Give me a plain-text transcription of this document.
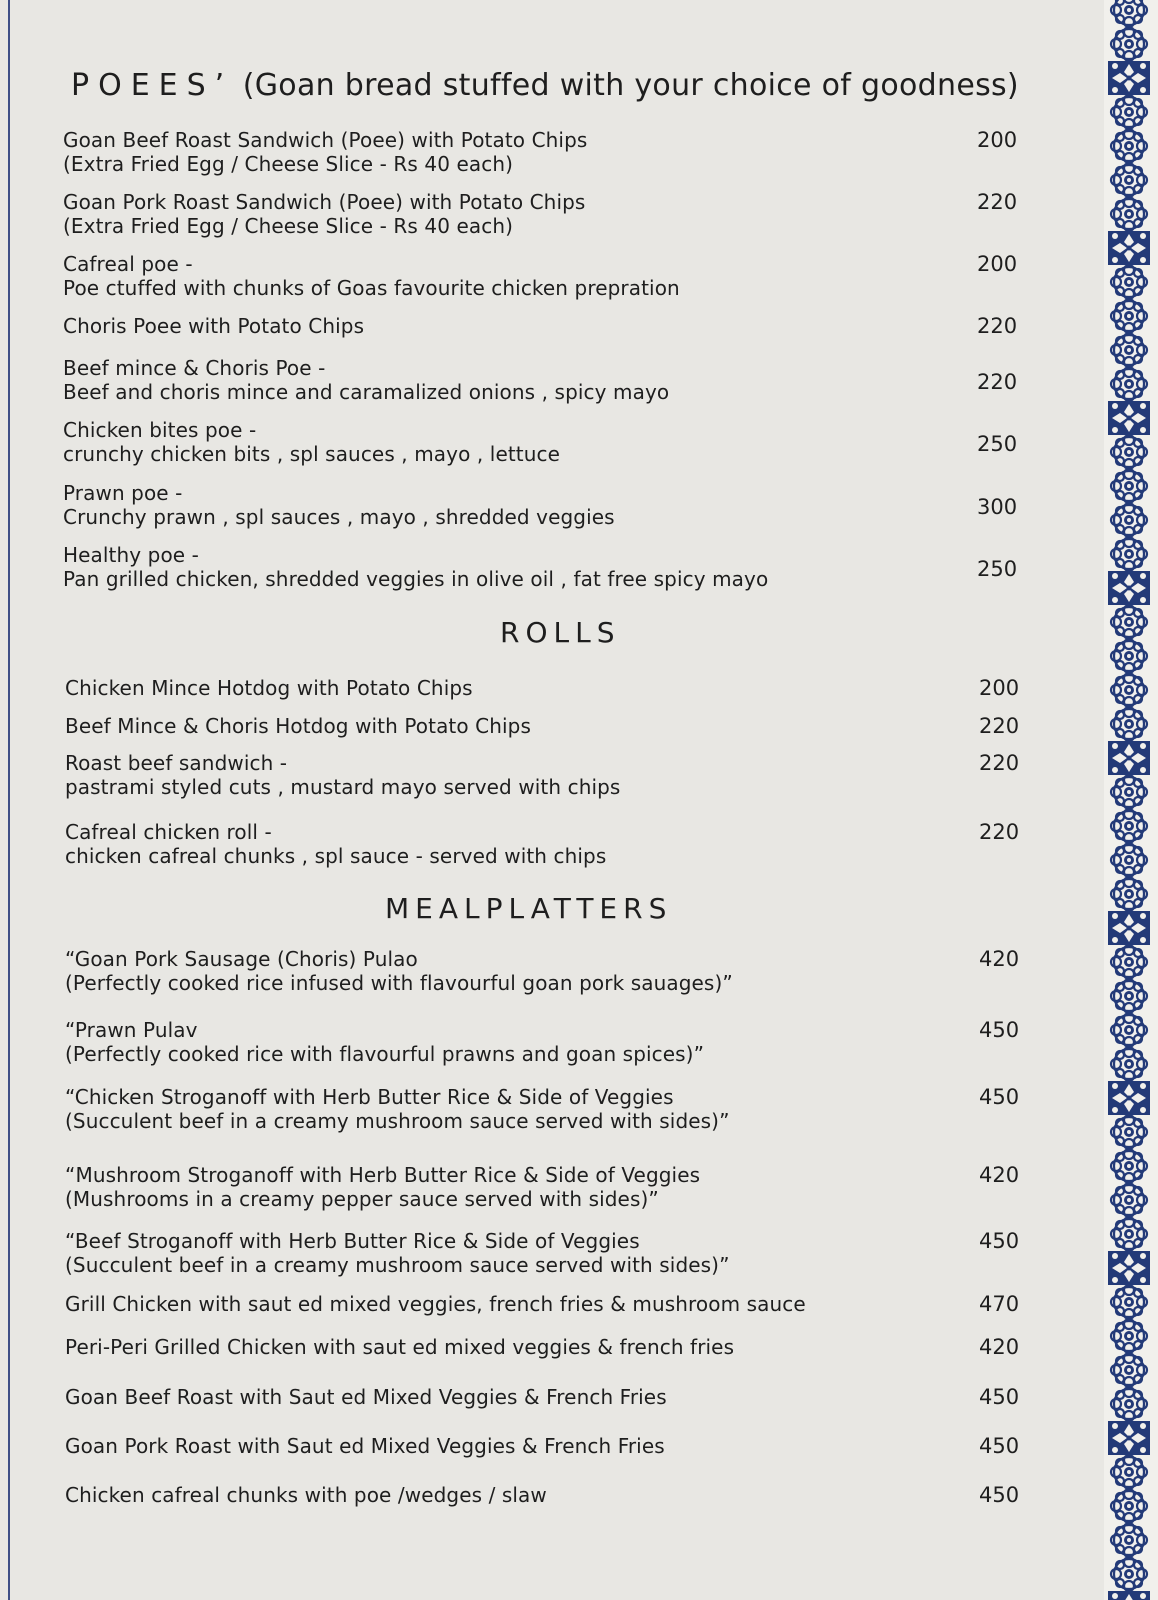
POEES’ (Goan bread stuffed with your choice of goodness)
Goan Beef Roast Sandwich (Poee) with Potato Chips
(Extra Fried Egg / Cheese Slice - Rs 40 each)
200
Goan Pork Roast Sandwich (Poee) with Potato Chips
(Extra Fried Egg / Cheese Slice - Rs 40 each)
220
Cafreal poe -
Poe ctuffed with chunks of Goas favourite chicken prepration
200
Choris Poee with Potato Chips	220
Beef mince & Choris Poe -
Beef and choris mince and caramalized onions , spicy mayo	220
Chicken bites poe -
crunchy chicken bits , spl sauces , mayo , lettuce	250
Prawn poe -
Crunchy prawn , spl sauces , mayo , shredded veggies	300
Healthy poe -
Pan grilled chicken, shredded veggies in olive oil , fat free spicy mayo	250
ROLLS
Chicken Mince Hotdog with Potato Chips	200
Beef Mince & Choris Hotdog with Potato Chips	220
Roast beef sandwich -
pastrami styled cuts , mustard mayo served with chips
220
Cafreal chicken roll -
chicken cafreal chunks , spl sauce - served with chips
220
MEALPLATTERS
“Goan Pork Sausage (Choris) Pulao
(Perfectly cooked rice infused with flavourful goan pork sauages)”
420
“Prawn Pulav
(Perfectly cooked rice with flavourful prawns and goan spices)”
450
“Chicken Stroganoff with Herb Butter Rice & Side of Veggies
(Succulent beef in a creamy mushroom sauce served with sides)”
450
“Mushroom Stroganoff with Herb Butter Rice & Side of Veggies
(Mushrooms in a creamy pepper sauce served with sides)”
420
“Beef Stroganoff with Herb Butter Rice & Side of Veggies
(Succulent beef in a creamy mushroom sauce served with sides)”
450
Grill Chicken with saut ed mixed veggies, french fries & mushroom sauce	470
Peri-Peri Grilled Chicken with saut ed mixed veggies & french fries	420
Goan Beef Roast with Saut ed Mixed Veggies & French Fries	450
Goan Pork Roast with Saut ed Mixed Veggies & French Fries	450
Chicken cafreal chunks with poe /wedges / slaw	450
